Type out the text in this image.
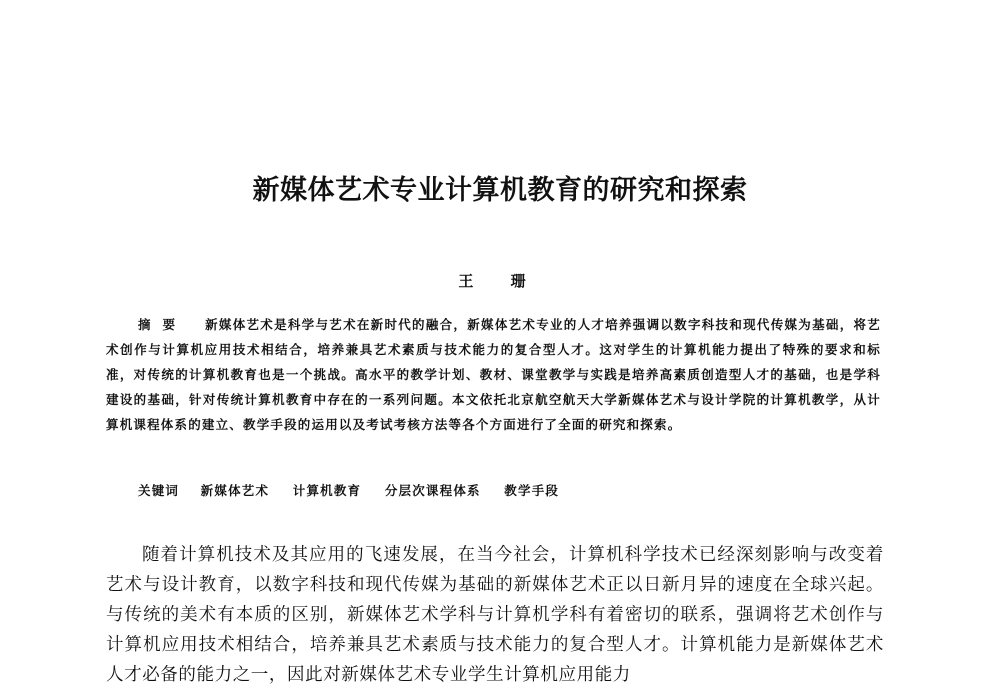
新媒体艺术专业计算机教育的研究和探索
王 珊
摘要 新媒体艺术是科学与艺术在新时代的融合，新媒体艺术专业的人才培养强调以数字科技和现代传媒为基础，将艺术创作与计算机应用技术相结合，培养兼具艺术素质与技术能力的复合型人才。这对学生的计算机能力提出了特殊的要求和标准，对传统的计算机教育也是一个挑战。高水平的教学计划、教材、课堂教学与实践是培养高素质创造型人才的基础，也是学科建设的基础，针对传统计算机教育中存在的一系列问题。本文依托北京航空航天大学新媒体艺术与设计学院的计算机教学，从计算机课程体系的建立、教学手段的运用以及考试考核方法等各个方面进行了全面的研究和探索。
关键词 新媒体艺术 计算机教育 分层次课程体系 教学手段

随着计算机技术及其应用的飞速发展，在当今社会，计算机科学技术已经深刻影响与改变着艺术与设计教育，以数字科技和现代传媒为基础的新媒体艺术正以日新月异的速度在全球兴起。与传统的美术有本质的区别，新媒体艺术学科与计算机学科有着密切的联系，强调将艺术创作与计算机应用技术相结合，培养兼具艺术素质与技术能力的复合型人才。计算机能力是新媒体艺术人才必备的能力之一，因此对新媒体艺术专业学生计算机应用能力
